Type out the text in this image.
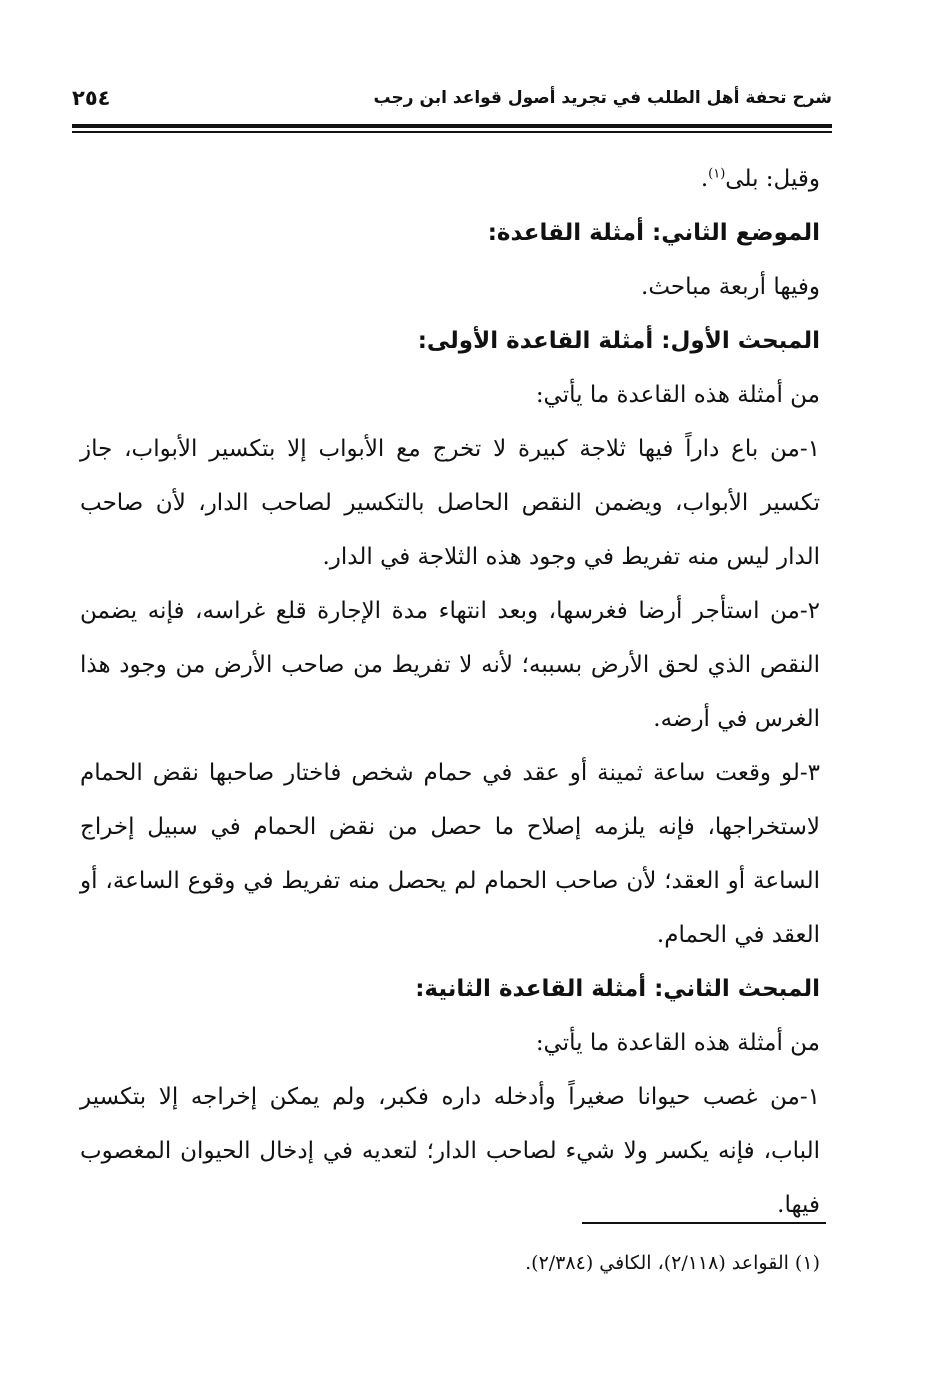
شرح تحفة أهل الطلب في تجريد أصول قواعد ابن رجب
٢٥٤

وقيل: بلى$^{(١)}$.

الموضع الثاني: أمثلة القاعدة:

وفيها أربعة مباحث.

المبحث الأول: أمثلة القاعدة الأولى:

من أمثلة هذه القاعدة ما يأتي:

١-من باع داراً فيها ثلاجة كبيرة لا تخرج مع الأبواب إلا بتكسير الأبواب، جاز تكسير الأبواب، ويضمن النقص الحاصل بالتكسير لصاحب الدار، لأن صاحب الدار ليس منه تفريط في وجود هذه الثلاجة في الدار.

٢-من استأجر أرضا فغرسها، وبعد انتهاء مدة الإجارة قلع غراسه، فإنه يضمن النقص الذي لحق الأرض بسببه؛ لأنه لا تفريط من صاحب الأرض من وجود هذا الغرس في أرضه.

٣-لو وقعت ساعة ثمينة أو عقد في حمام شخص فاختار صاحبها نقض الحمام لاستخراجها، فإنه يلزمه إصلاح ما حصل من نقض الحمام في سبيل إخراج الساعة أو العقد؛ لأن صاحب الحمام لم يحصل منه تفريط في وقوع الساعة، أو العقد في الحمام.

المبحث الثاني: أمثلة القاعدة الثانية:

من أمثلة هذه القاعدة ما يأتي:

١-من غصب حيوانا صغيراً وأدخله داره فكبر، ولم يمكن إخراجه إلا بتكسير الباب، فإنه يكسر ولا شيء لصاحب الدار؛ لتعديه في إدخال الحيوان المغصوب فيها.

(١) القواعد (٢/١١٨)، الكافي (٢/٣٨٤).
